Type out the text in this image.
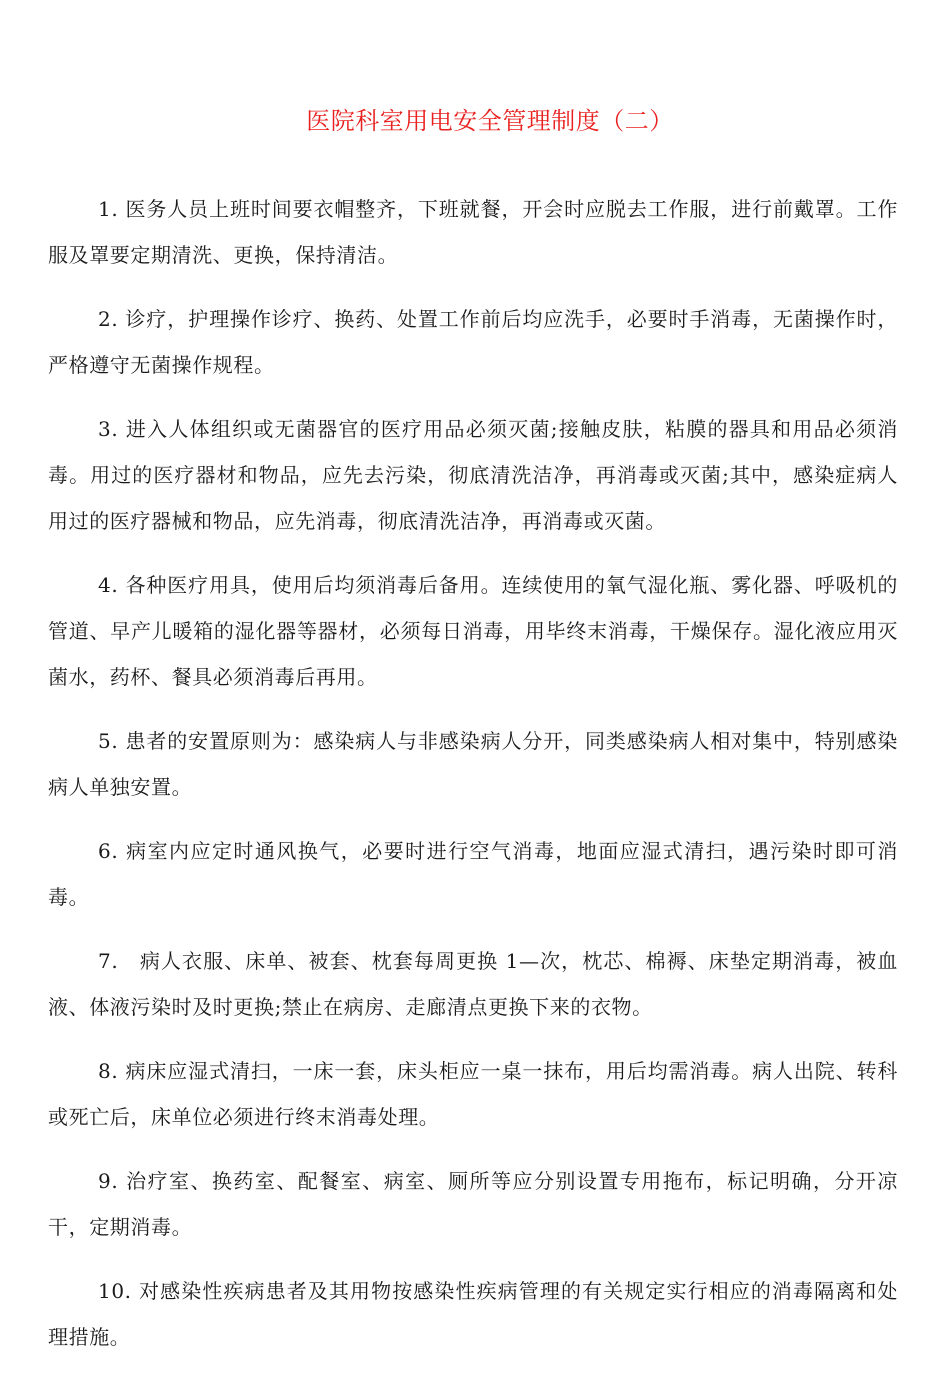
医院科室用电安全管理制度（二）

1. 医务人员上班时间要衣帽整齐，下班就餐，开会时应脱去工作服，进行前戴罩。工作服及罩要定期清洗、更换，保持清洁。

2. 诊疗，护理操作诊疗、换药、处置工作前后均应洗手，必要时手消毒，无菌操作时，严格遵守无菌操作规程。

3. 进入人体组织或无菌器官的医疗用品必须灭菌;接触皮肤，粘膜的器具和用品必须消毒。用过的医疗器材和物品，应先去污染，彻底清洗洁净，再消毒或灭菌;其中，感染症病人用过的医疗器械和物品，应先消毒，彻底清洗洁净，再消毒或灭菌。

4. 各种医疗用具，使用后均须消毒后备用。连续使用的氧气湿化瓶、雾化器、呼吸机的管道、早产儿暖箱的湿化器等器材，必须每日消毒，用毕终末消毒，干燥保存。湿化液应用灭菌水，药杯、餐具必须消毒后再用。

5. 患者的安置原则为：感染病人与非感染病人分开，同类感染病人相对集中，特别感染病人单独安置。

6. 病室内应定时通风换气，必要时进行空气消毒，地面应湿式清扫，遇污染时即可消毒。

7.　病人衣服、床单、被套、枕套每周更换 1—次，枕芯、棉褥、床垫定期消毒，被血液、体液污染时及时更换;禁止在病房、走廊清点更换下来的衣物。

8. 病床应湿式清扫，一床一套，床头柜应一桌一抹布，用后均需消毒。病人出院、转科或死亡后，床单位必须进行终末消毒处理。

9. 治疗室、换药室、配餐室、病室、厕所等应分别设置专用拖布，标记明确，分开凉干，定期消毒。

10. 对感染性疾病患者及其用物按感染性疾病管理的有关规定实行相应的消毒隔离和处理措施。
